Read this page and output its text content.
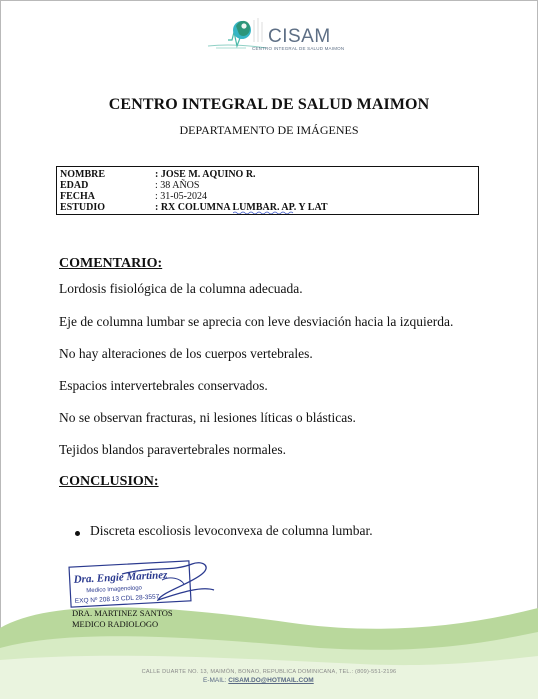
CISAM
CENTRO INTEGRAL DE SALUD MAIMON
CENTRO INTEGRAL DE SALUD MAIMON
DEPARTAMENTO DE IMÁGENES
NOMBRE	: JOSE M. AQUINO R.
EDAD	: 38 AÑOS
FECHA	: 31-05-2024
ESTUDIO	: RX COLUMNA LUMBAR. AP. Y LAT
COMENTARIO:
Lordosis fisiológica de la columna adecuada.
Eje de columna lumbar se aprecia con leve desviación hacia la izquierda.
No hay alteraciones de los cuerpos vertebrales.
Espacios intervertebrales conservados.
No se observan fracturas, ni lesiones líticas o blásticas.
Tejidos blandos paravertebrales normales.
CONCLUSION:
Discreta escoliosis levoconvexa de columna lumbar.
Dra. Engie Martinez
Medico Imagenologo
EXQ Nº 208 13 CDL 28-3557
DRA. MARTINEZ SANTOS
MEDICO RADIOLOGO
CALLE DUARTE NO. 13, MAIMÓN, BONAO, REPUBLICA DOMINICANA, TEL.: (809)-551-2196
E-MAIL: CISAM.DO@HOTMAIL.COM
